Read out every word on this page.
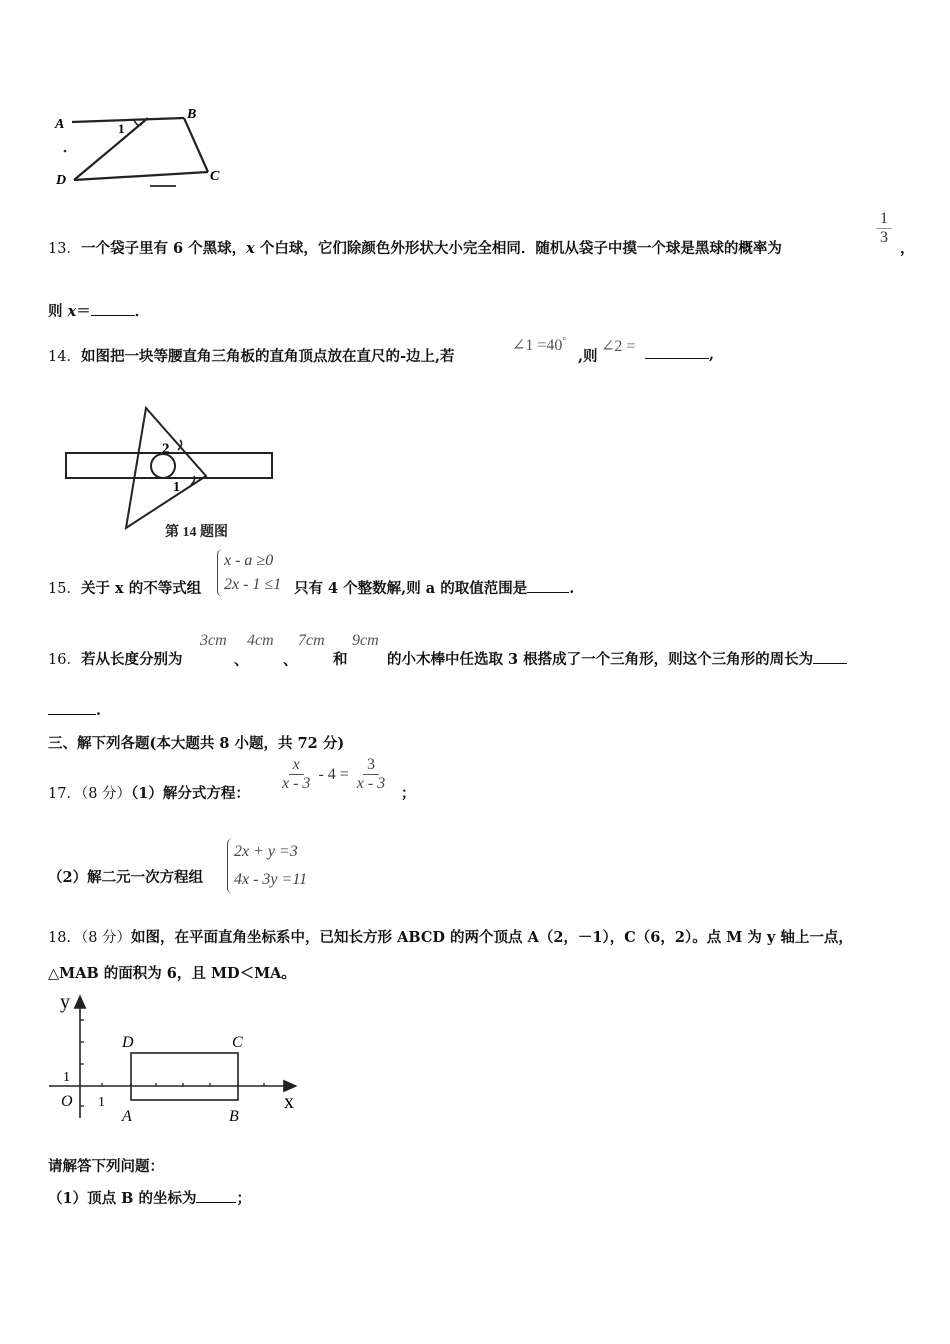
A
B
C
D
1
13．一个袋子里有 6 个黑球，x 个白球，它们除颜色外形状大小完全相同．随机从袋子中摸一个球是黑球的概率为
$\frac{1}{3}$
，
则 x＝	．
14．如图把一块等腰直角三角板的直角顶点放在直尺的-边上,若
∠1 =40°
,则
∠2 =	,
2
1
第 14 题图
15．关于 x 的不等式组
x - a ≥0
2x - 1 ≤1 只有 4 个整数解,则 a 的取值范围是	.
16．若从长度分别为
3cm
、
4cm
、
7cm
和
9cm
的小木棒中任选取 3 根搭成了一个三角形，则这个三角形的周长为
.
三、解下列各题(本大题共 8 小题，共 72 分)
17．（8 分）（1）解分式方程：
$\frac{x}{x - 3} - 4 = \frac{3}{x - 3}$
；
（2）解二元一次方程组
2x + y =3
4x - 3y =11
18．（8 分）如图，在平面直角坐标系中，已知长方形 ABCD 的两个顶点 A（2，－1），C（6，2）。点 M 为 y 轴上一点，
△MAB 的面积为 6，且 MD＜MA。
y
x
O 1
1
D	C
A	B
请解答下列问题：
（1）顶点 B 的坐标为	；
